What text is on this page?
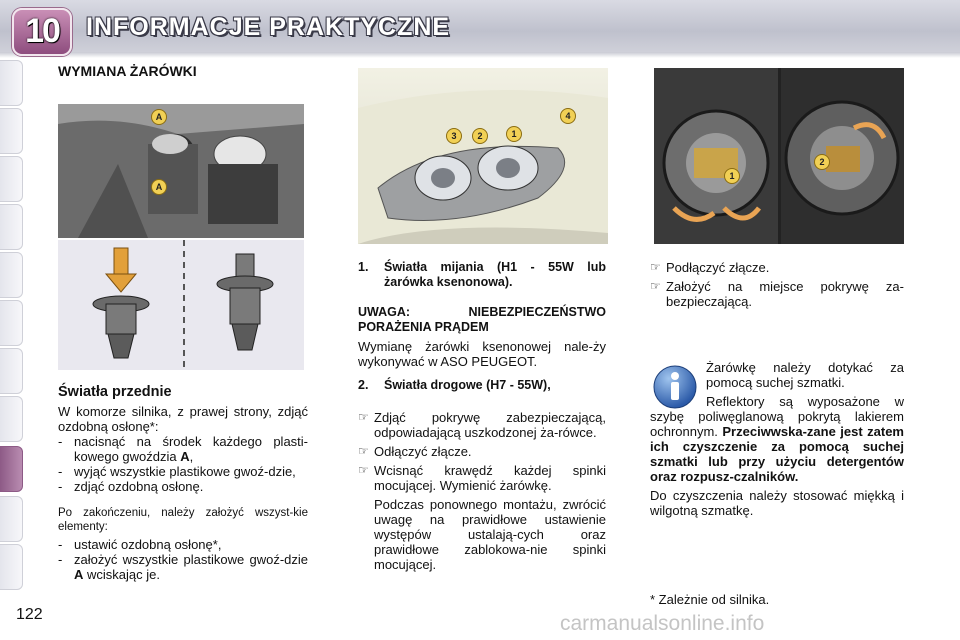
10	INFORMACJE PRAKTYCZNE
WYMIANA ŻARÓWKI
A
A
Światła przednie
W komorze silnika, z prawej strony, zdjąć ozdobną osłonę*:
- nacisnąć na środek każdego plasti-kowego gwoździa A,
- wyjąć wszystkie plastikowe gwoź-dzie,
- zdjąć ozdobną osłonę.
Po zakończeniu, należy założyć wszyst-kie elementy:
- ustawić ozdobną osłonę*,
- założyć wszystkie plastikowe gwoź-dzie A wciskając je.
3	2	1
4
1. Światła mijania (H1 - 55W lub żarówka ksenonowa).
UWAGA: NIEBEZPIECZEŃSTWO PORAŻENIA PRĄDEM
Wymianę żarówki ksenonowej nale-ży wykonywać w ASO PEUGEOT.
2. Światła drogowe (H7 - 55W),
☞ Zdjąć pokrywę zabezpieczającą, odpowiadającą uszkodzonej ża-rówce.
☞ Odłączyć złącze.
☞ Wcisnąć krawędź każdej spinki mocującej. Wymienić żarówkę.
Podczas ponownego montażu, zwrócić uwagę na prawidłowe ustawienie występów ustalają-cych oraz prawidłowe zablokowa-nie spinki mocującej.
1
2
☞ Podłączyć złącze.
☞ Założyć na miejsce pokrywę za-bezpieczającą.
Żarówkę należy dotykać za pomocą suchej szmatki.
Reflektory są wyposażone w szybę poliwęglanową pokrytą lakierem ochronnym. Przeciwwska-zane jest zatem ich czyszczenie za pomocą suchej szmatki lub przy użyciu detergentów oraz rozpusz-czalników.
Do czyszczenia należy stosować miękką i wilgotną szmatkę.
* Zależnie od silnika.
122	carmanualsonline.info
